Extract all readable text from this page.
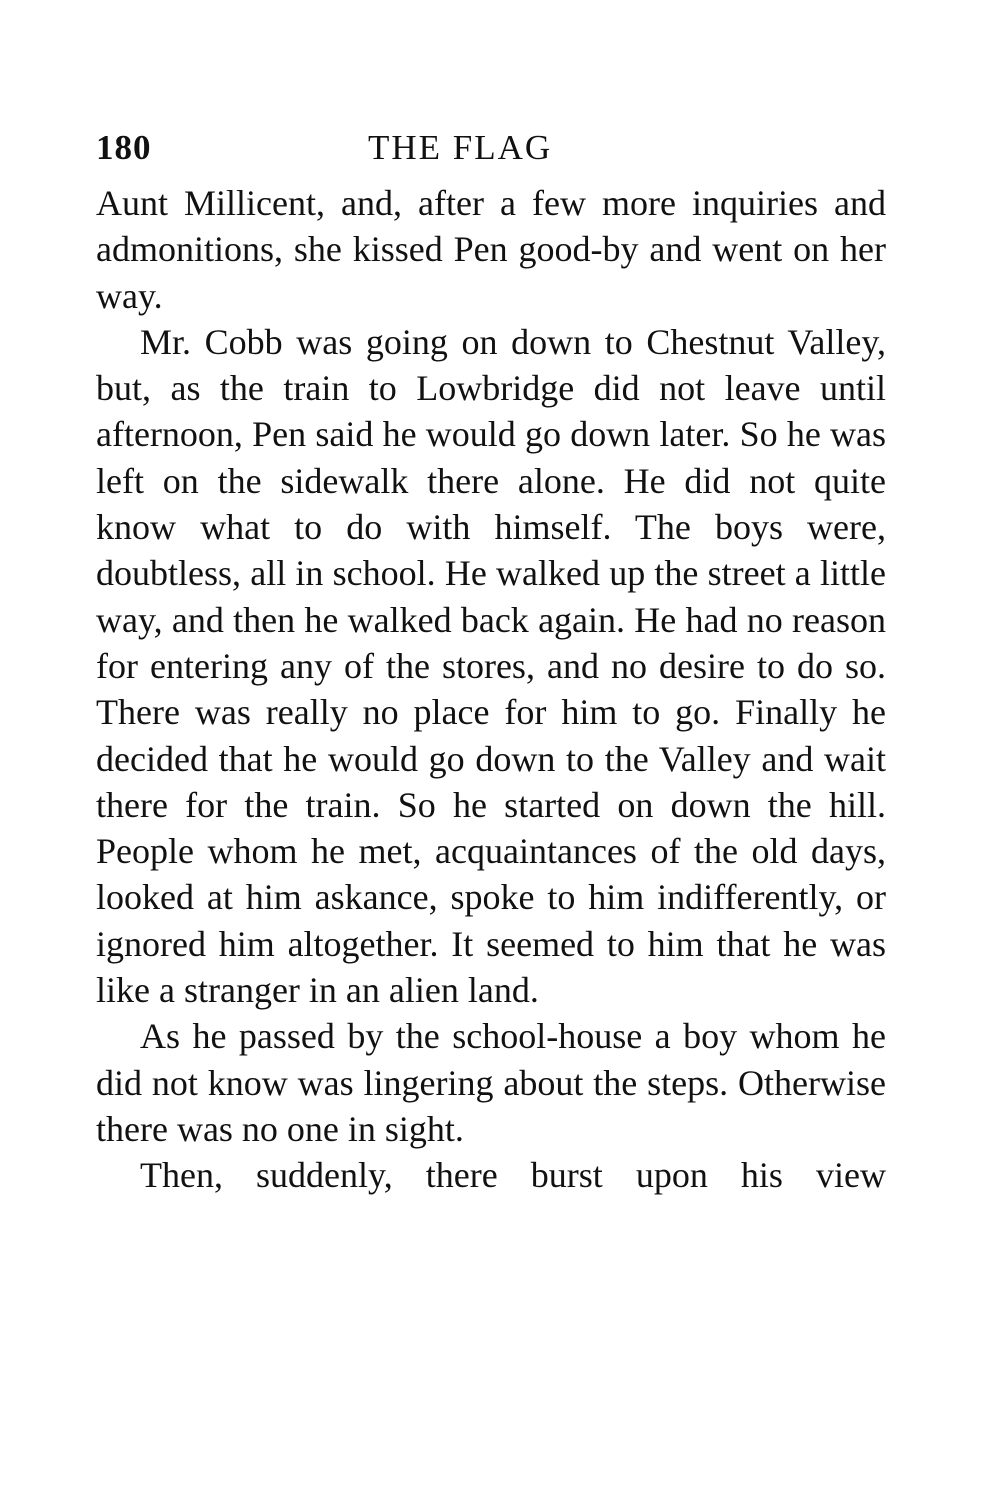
180	THE FLAG

Aunt Millicent, and, after a few more inquiries and admonitions, she kissed Pen good-by and went on her way.

Mr. Cobb was going on down to Chestnut Valley, but, as the train to Lowbridge did not leave until afternoon, Pen said he would go down later. So he was left on the sidewalk there alone. He did not quite know what to do with himself. The boys were, doubtless, all in school. He walked up the street a little way, and then he walked back again. He had no reason for entering any of the stores, and no desire to do so. There was really no place for him to go. Finally he decided that he would go down to the Valley and wait there for the train. So he started on down the hill. People whom he met, acquaintances of the old days, looked at him askance, spoke to him indifferently, or ignored him altogether. It seemed to him that he was like a stranger in an alien land.

As he passed by the school-house a boy whom he did not know was lingering about the steps. Otherwise there was no one in sight.

Then, suddenly, there burst upon his view
